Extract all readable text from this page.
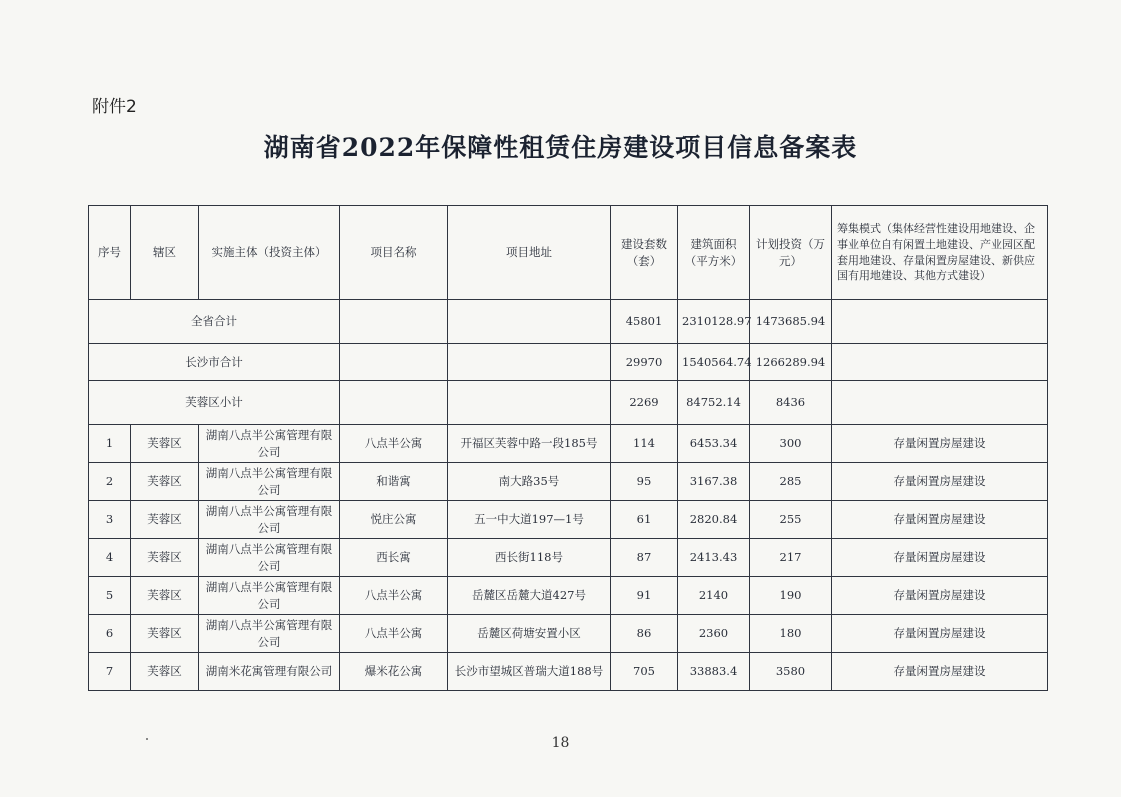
附件2
湖南省2022年保障性租赁住房建设项目信息备案表
序号	辖区	实施主体（投资主体）	项目名称	项目地址	建设套数（套）	建筑面积（平方米）	计划投资（万元）	筹集模式（集体经营性建设用地建设、企事业单位自有闲置土地建设、产业园区配套用地建设、存量闲置房屋建设、新供应国有用地建设、其他方式建设）
全省合计					45801	2310128.97	1473685.94	
长沙市合计					29970	1540564.74	1266289.94	
芙蓉区小计					2269	84752.14	8436	
1	芙蓉区	湖南八点半公寓管理有限公司	八点半公寓	开福区芙蓉中路一段185号	114	6453.34	300	存量闲置房屋建设
2	芙蓉区	湖南八点半公寓管理有限公司	和谐寓	南大路35号	95	3167.38	285	存量闲置房屋建设
3	芙蓉区	湖南八点半公寓管理有限公司	悦庄公寓	五一中大道197—1号	61	2820.84	255	存量闲置房屋建设
4	芙蓉区	湖南八点半公寓管理有限公司	西长寓	西长街118号	87	2413.43	217	存量闲置房屋建设
5	芙蓉区	湖南八点半公寓管理有限公司	八点半公寓	岳麓区岳麓大道427号	91	2140	190	存量闲置房屋建设
6	芙蓉区	湖南八点半公寓管理有限公司	八点半公寓	岳麓区荷塘安置小区	86	2360	180	存量闲置房屋建设
7	芙蓉区	湖南米花寓管理有限公司	爆米花公寓	长沙市望城区普瑞大道188号	705	33883.4	3580	存量闲置房屋建设
18
